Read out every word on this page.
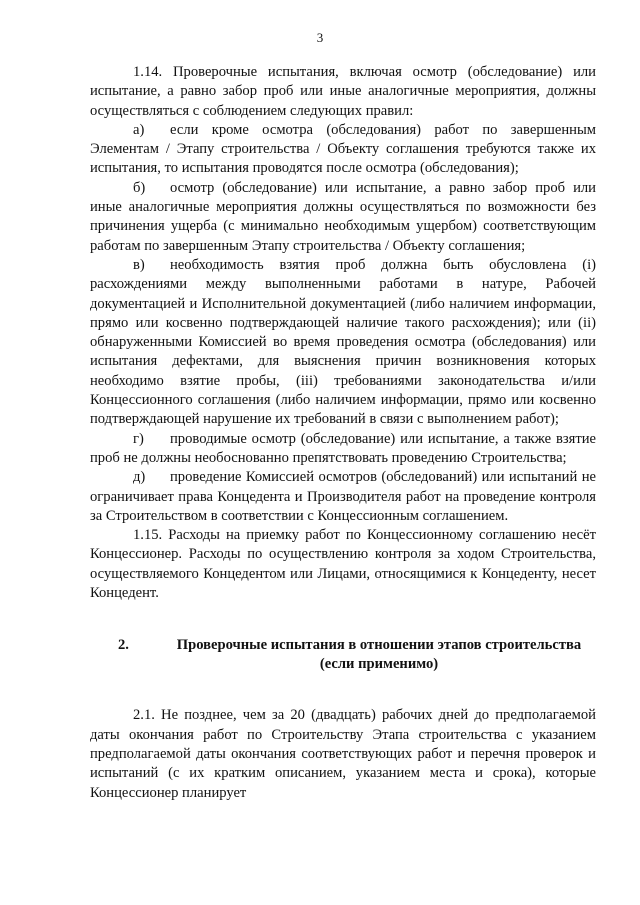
3

1.14. Проверочные испытания, включая осмотр (обследование) или испытание, а равно забор проб или иные аналогичные мероприятия, должны осуществляться с соблюдением следующих правил:

а) если кроме осмотра (обследования) работ по завершенным Элементам / Этапу строительства / Объекту соглашения требуются также их испытания, то испытания проводятся после осмотра (обследования);

б) осмотр (обследование) или испытание, а равно забор проб или иные аналогичные мероприятия должны осуществляться по возможности без причинения ущерба (с минимально необходимым ущербом) соответствующим работам по завершенным Этапу строительства / Объекту соглашения;

в) необходимость взятия проб должна быть обусловлена (i) расхождениями между выполненными работами в натуре, Рабочей документацией и Исполнительной документацией (либо наличием информации, прямо или косвенно подтверждающей наличие такого расхождения); или (ii) обнаруженными Комиссией во время проведения осмотра (обследования) или испытания дефектами, для выяснения причин возникновения которых необходимо взятие пробы, (iii) требованиями законодательства и/или Концессионного соглашения (либо наличием информации, прямо или косвенно подтверждающей нарушение их требований в связи с выполнением работ);

г) проводимые осмотр (обследование) или испытание, а также взятие проб не должны необоснованно препятствовать проведению Строительства;

д) проведение Комиссией осмотров (обследований) или испытаний не ограничивает права Концедента и Производителя работ на проведение контроля за Строительством в соответствии с Концессионным соглашением.

1.15. Расходы на приемку работ по Концессионному соглашению несёт Концессионер. Расходы по осуществлению контроля за ходом Строительства, осуществляемого Концедентом или Лицами, относящимися к Концеденту, несет Концедент.

2.	Проверочные испытания в отношении этапов строительства (если применимо)

2.1. Не позднее, чем за 20 (двадцать) рабочих дней до предполагаемой даты окончания работ по Строительству Этапа строительства с указанием предполагаемой даты окончания соответствующих работ и перечня проверок и испытаний (с их кратким описанием, указанием места и срока), которые Концессионер планирует
